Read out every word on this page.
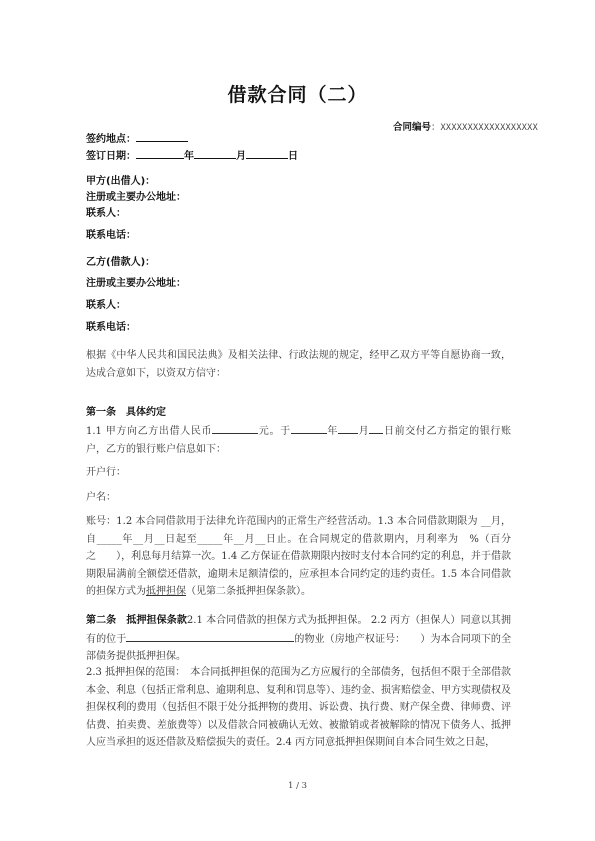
借款合同（二）
合同编号：XXXXXXXXXXXXXXXXXX
签约地点：
签订日期：	年	月	日
甲方(出借人)：
注册或主要办公地址：
联系人：
联系电话：
乙方(借款人)：
注册或主要办公地址：
联系人：
联系电话：
根据《中华人民共和国民法典》及相关法律、行政法规的规定，经甲乙双方平等自愿协商一致，达成合意如下，以资双方信守：
第一条　具体约定
1.1 甲方向乙方出借人民币	元。于	年 月 日前交付乙方指定的银行账户，乙方的银行账户信息如下：
开户行：
户名：
账号：1.2 本合同借款用于法律允许范围内的正常生产经营活动。1.3 本合同借款期限为 __月，自_____年__月__日起至_____年__月__日止。在合同规定的借款期内，月利率为　%（百分之　　），利息每月结算一次。1.4 乙方保证在借款期限内按时支付本合同约定的利息，并于借款期限届满前全额偿还借款，逾期未足额清偿的，应承担本合同约定的违约责任。1.5 本合同借款的担保方式为抵押担保（见第二条抵押担保条款）。
第二条　抵押担保条款2.1 本合同借款的担保方式为抵押担保。 2.2 丙方（担保人）同意以其拥有的位于	的物业（房地产权证号：　　）为本合同项下的全部债务提供抵押担保。
2.3 抵押担保的范围：　本合同抵押担保的范围为乙方应履行的全部债务，包括但不限于全部借款本金、利息（包括正常利息、逾期利息、复利和罚息等）、违约金、损害赔偿金、甲方实现债权及担保权利的费用（包括但不限于处分抵押物的费用、诉讼费、执行费、财产保全费、律师费、评估费、拍卖费、差旅费等）以及借款合同被确认无效、被撤销或者被解除的情况下债务人、抵押人应当承担的返还借款及赔偿损失的责任。2.4 丙方同意抵押担保期间自本合同生效之日起，
1 / 3
